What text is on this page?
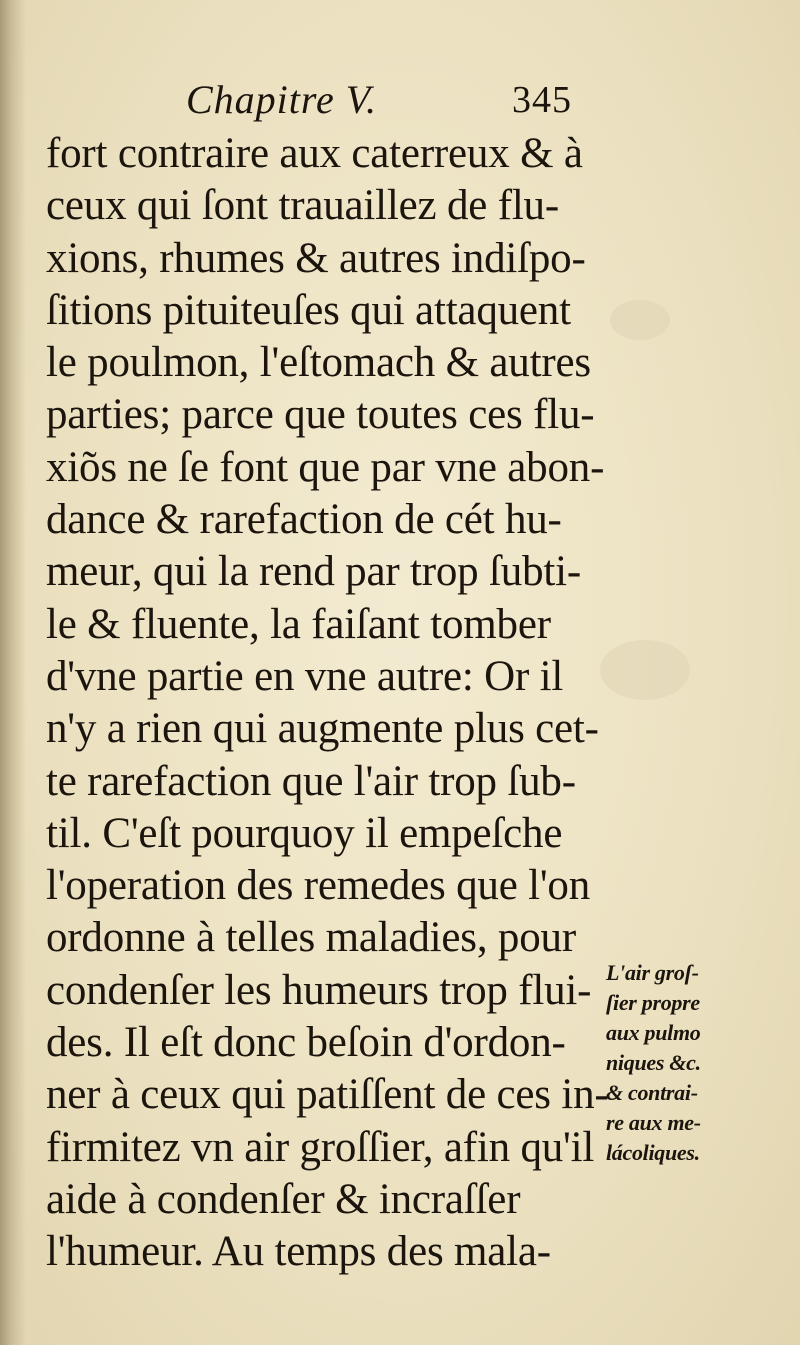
Chapitre V.	345
fort contraire aux caterreux & à
ceux qui ſont trauaillez de flu-
xions, rhumes & autres indiſpo-
ſitions pituiteuſes qui attaquent
le poulmon, l'eſtomach & autres
parties; parce que toutes ces flu-
xiõs ne ſe font que par vne abon-
dance & rarefaction de cét hu-
meur, qui la rend par trop ſubti-
le & fluente, la faiſant tomber
d'vne partie en vne autre: Or il
n'y a rien qui augmente plus cet-
te rarefaction que l'air trop ſub-
til. C'eſt pourquoy il empeſche
l'operation des remedes que l'on
ordonne à telles maladies, pour
condenſer les humeurs trop flui-
des. Il eſt donc beſoin d'ordon-
ner à ceux qui patiſſent de ces in-
firmitez vn air groſſier, afin qu'il
aide à condenſer & incraſſer
l'humeur. Au temps des mala-
L'air groſ-
ſier propre
aux pulmo
niques &c.
& contrai-
re aux me-
lácoliques.
